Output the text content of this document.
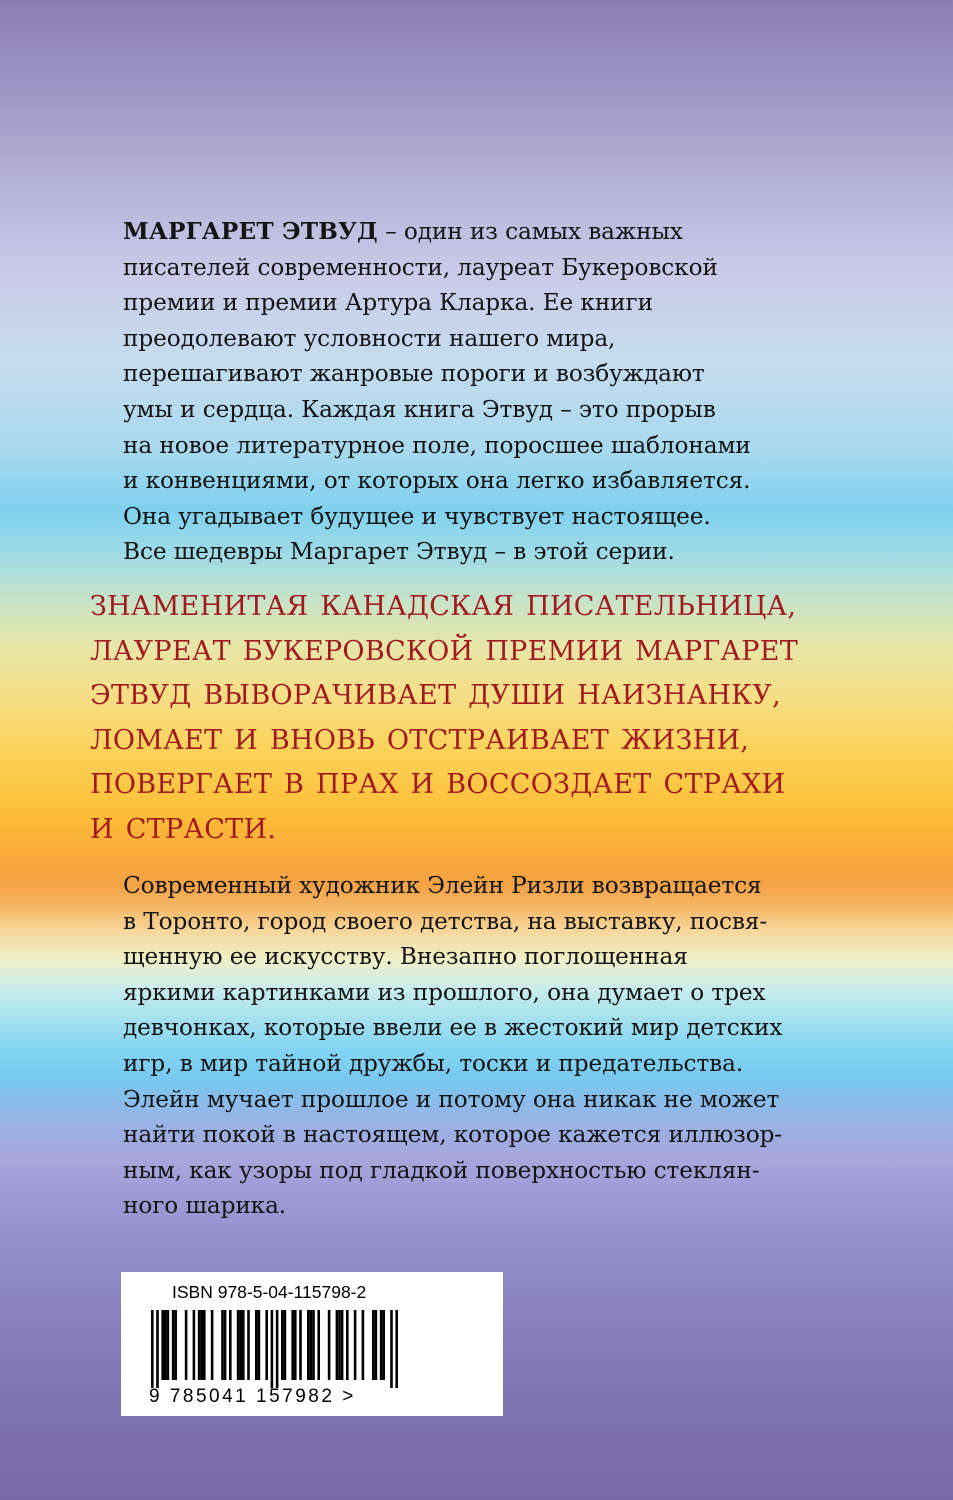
МАРГАРЕТ ЭТВУД – один из самых важных
писателей современности, лауреат Букеровской
премии и премии Артура Кларка. Ее книги
преодолевают условности нашего мира,
перешагивают жанровые пороги и возбуждают
умы и сердца. Каждая книга Этвуд – это прорыв
на новое литературное поле, поросшее шаблонами
и конвенциями, от которых она легко избавляется.
Она угадывает будущее и чувствует настоящее.
Все шедевры Маргарет Этвуд – в этой серии.
ЗНАМЕНИТАЯ КАНАДСКАЯ ПИСАТЕЛЬНИЦА,
ЛАУРЕАТ БУКЕРОВСКОЙ ПРЕМИИ МАРГАРЕТ
ЭТВУД ВЫВОРАЧИВАЕТ ДУШИ НАИЗНАНКУ,
ЛОМАЕТ И ВНОВЬ ОТСТРАИВАЕТ ЖИЗНИ,
ПОВЕРГАЕТ В ПРАХ И ВОССОЗДАЕТ СТРАХИ
И СТРАСТИ.
Современный художник Элейн Ризли возвращается
в Торонто, город своего детства, на выставку, посвя-
щенную ее искусству. Внезапно поглощенная
яркими картинками из прошлого, она думает о трех
девчонках, которые ввели ее в жестокий мир детских
игр, в мир тайной дружбы, тоски и предательства.
Элейн мучает прошлое и потому она никак не может
найти покой в настоящем, которое кажется иллюзор-
ным, как узоры под гладкой поверхностью стеклян-
ного шарика.
ISBN 978-5-04-115798-2
9 785041 157982 >
